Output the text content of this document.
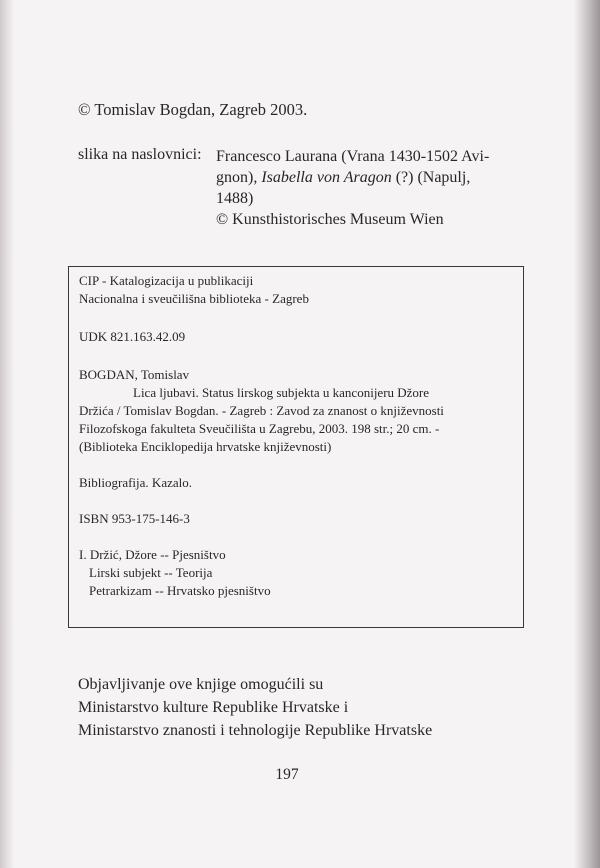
© Tomislav Bogdan, Zagreb 2003.
slika na naslovnici: Francesco Laurana (Vrana 1430-1502 Avi-
gnon), Isabella von Aragon (?) (Napulj,
1488)
© Kunsthistorisches Museum Wien
CIP - Katalogizacija u publikaciji
Nacionalna i sveučilišna biblioteka - Zagreb
UDK 821.163.42.09
BOGDAN, Tomislav
Lica ljubavi. Status lirskog subjekta u kanconijeru Džore
Držića / Tomislav Bogdan. - Zagreb : Zavod za znanost o književnosti
Filozofskoga fakulteta Sveučilišta u Zagrebu, 2003. 198 str.; 20 cm. -
(Biblioteka Enciklopedija hrvatske književnosti)
Bibliografija. Kazalo.
ISBN 953-175-146-3
I. Držić, Džore -- Pjesništvo
Lirski subjekt -- Teorija
Petrarkizam -- Hrvatsko pjesništvo
Objavljivanje ove knjige omogućili su
Ministarstvo kulture Republike Hrvatske i
Ministarstvo znanosti i tehnologije Republike Hrvatske
197
